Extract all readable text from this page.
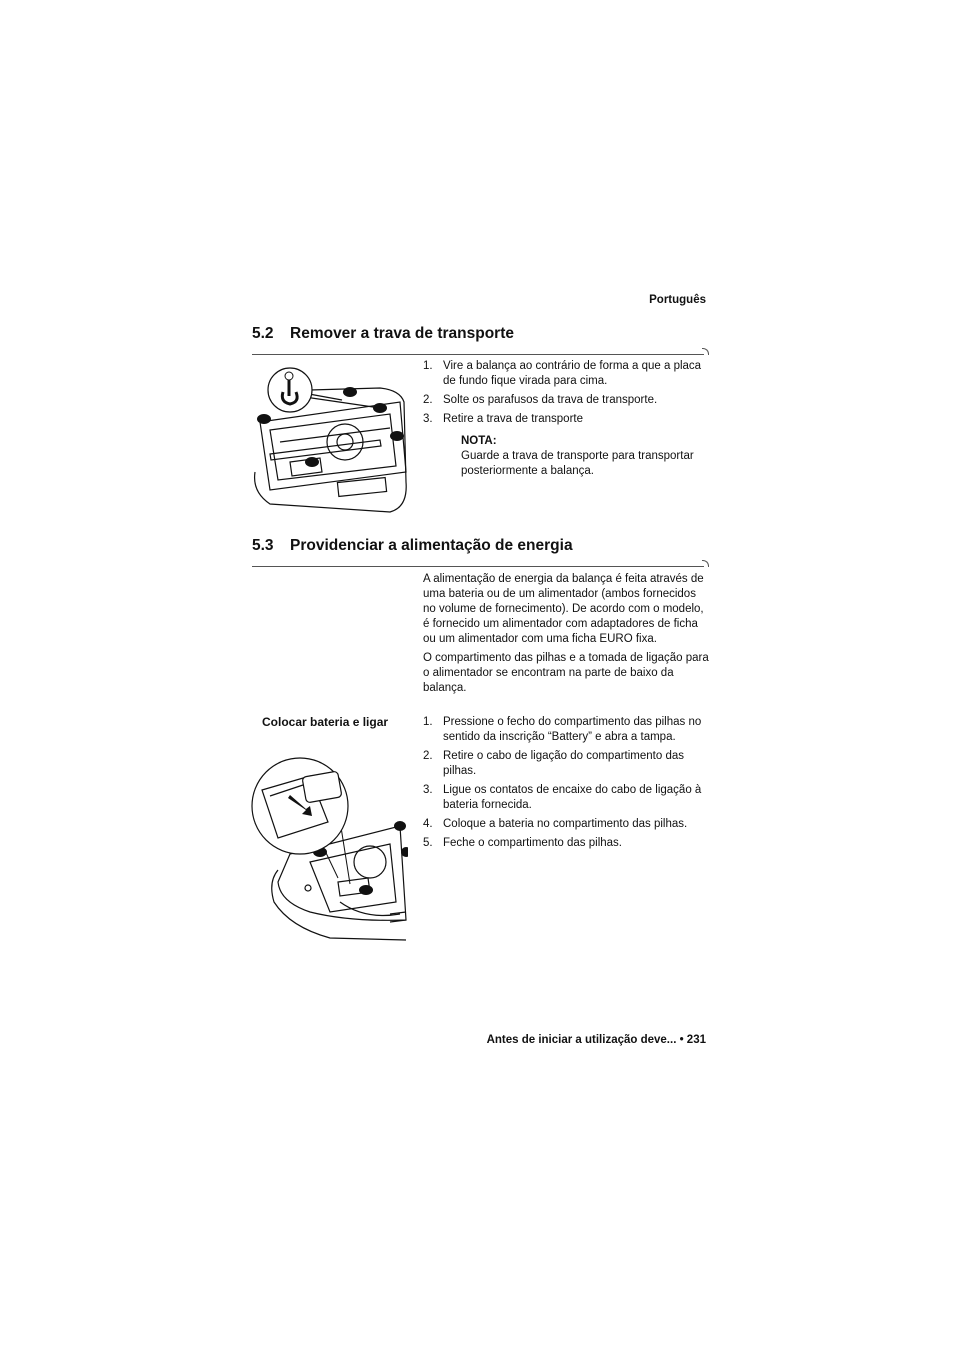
Português
5.2 Remover a trava de transporte
1. Vire a balança ao contrário de forma a que a placa de fundo fique virada para cima.
2. Solte os parafusos da trava de transporte.
3. Retire a trava de transporte
NOTA:
Guarde a trava de transporte para transportar posteriormente a balança.
5.3 Providenciar a alimentação de energia

A alimentação de energia da balança é feita através de uma bateria ou de um alimentador (ambos fornecidos no volume de fornecimento). De acordo com o modelo, é fornecido um alimentador com adaptadores de ficha ou um alimentador com uma ficha EURO fixa.

O compartimento das pilhas e a tomada de ligação para o alimentador se encontram na parte de baixo da balança.

Colocar bateria e ligar	1. Pressione o fecho do compartimento das pilhas no sentido da inscrição “Battery” e abra a tampa.
2. Retire o cabo de ligação do compartimento das pilhas.
3. Ligue os contatos de encaixe do cabo de ligação à bateria fornecida.
4. Coloque a bateria no compartimento das pilhas.
5. Feche o compartimento das pilhas.
Antes de iniciar a utilização deve... • 231
